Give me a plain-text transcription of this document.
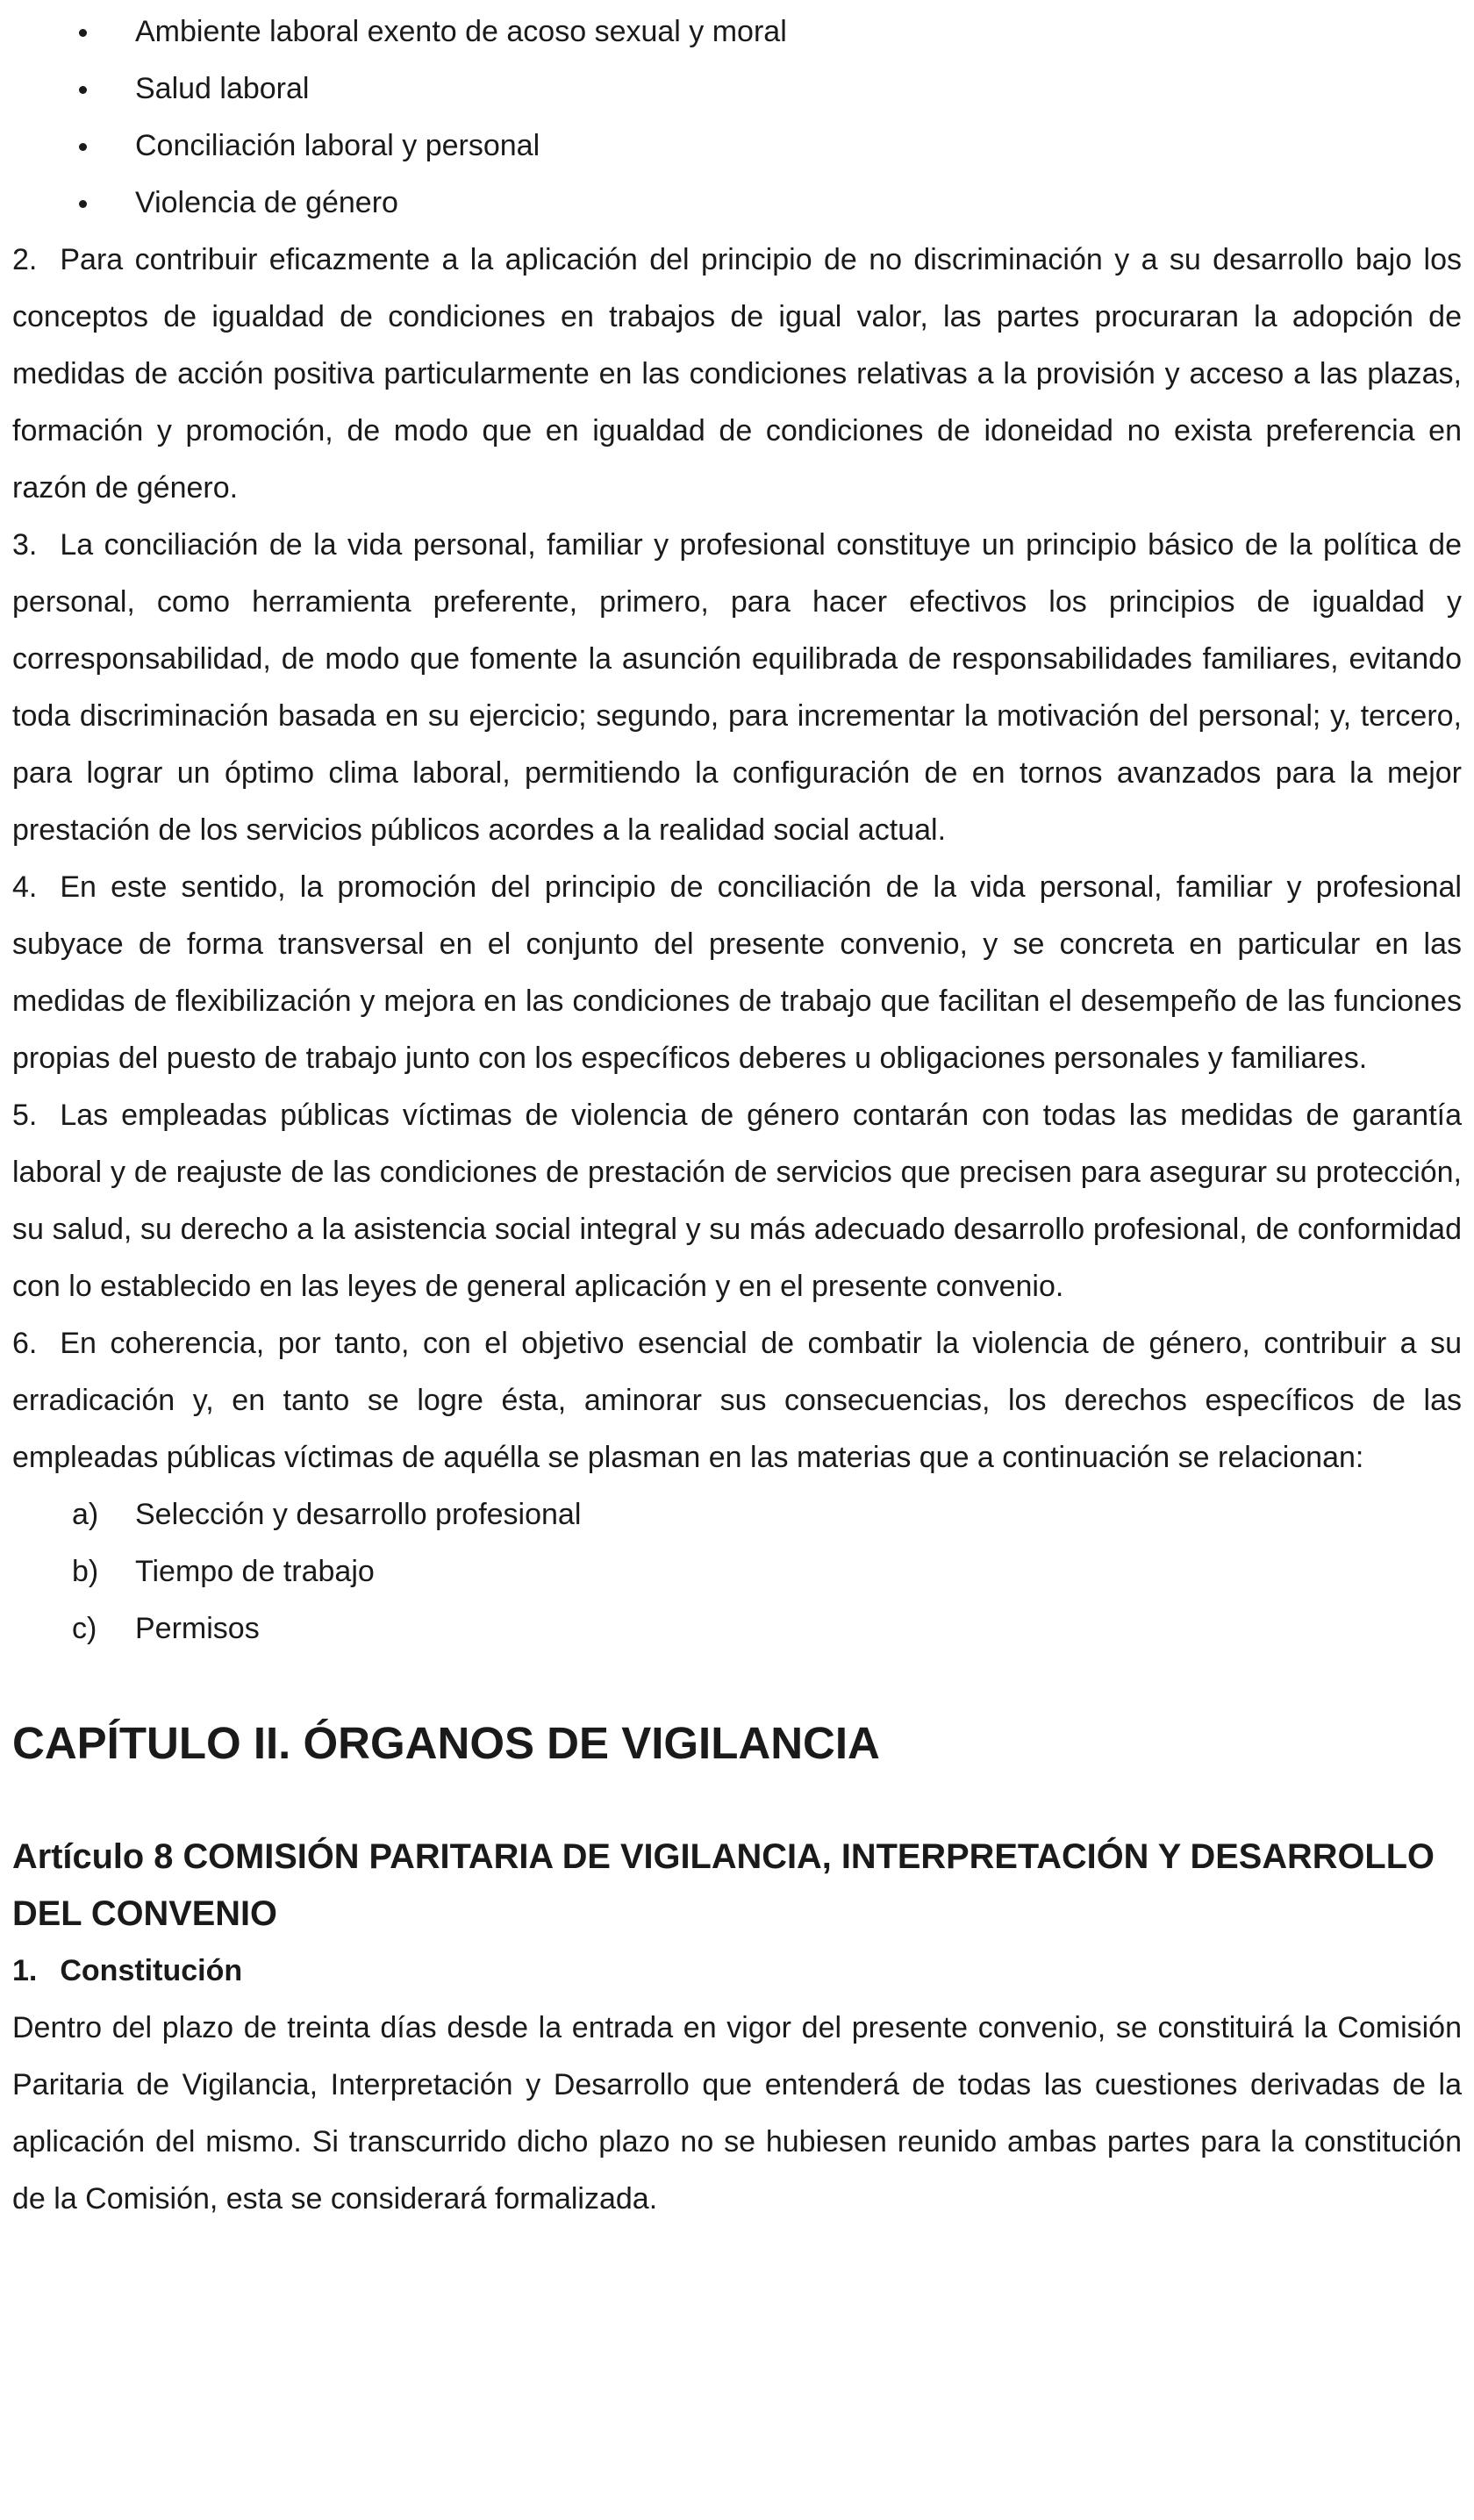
Ambiente laboral exento de acoso sexual y moral
Salud laboral
Conciliación laboral y personal
Violencia de género

2. Para contribuir eficazmente a la aplicación del principio de no discriminación y a su desarrollo bajo los conceptos de igualdad de condiciones en trabajos de igual valor, las partes procuraran la adopción de medidas de acción positiva particularmente en las condiciones relativas a la provisión y acceso a las plazas, formación y promoción, de modo que en igualdad de condiciones de idoneidad no exista preferencia en razón de género.

3. La conciliación de la vida personal, familiar y profesional constituye un principio básico de la política de personal, como herramienta preferente, primero, para hacer efectivos los principios de igualdad y corresponsabilidad, de modo que fomente la asunción equilibrada de responsabilidades familiares, evitando toda discriminación basada en su ejercicio; segundo, para incrementar la motivación del personal; y, tercero, para lograr un óptimo clima laboral, permitiendo la configuración de en tornos avanzados para la mejor prestación de los servicios públicos acordes a la realidad social actual.

4. En este sentido, la promoción del principio de conciliación de la vida personal, familiar y profesional subyace de forma transversal en el conjunto del presente convenio, y se concreta en particular en las medidas de flexibilización y mejora en las condiciones de trabajo que facilitan el desempeño de las funciones propias del puesto de trabajo junto con los específicos deberes u obligaciones personales y familiares.

5. Las empleadas públicas víctimas de violencia de género contarán con todas las medidas de garantía laboral y de reajuste de las condiciones de prestación de servicios que precisen para asegurar su protección, su salud, su derecho a la asistencia social integral y su más adecuado desarrollo profesional, de conformidad con lo establecido en las leyes de general aplicación y en el presente convenio.

6. En coherencia, por tanto, con el objetivo esencial de combatir la violencia de género, contribuir a su erradicación y, en tanto se logre ésta, aminorar sus consecuencias, los derechos específicos de las empleadas públicas víctimas de aquélla se plasman en las materias que a continuación se relacionan:

a) Selección y desarrollo profesional
b) Tiempo de trabajo
c) Permisos
CAPÍTULO II. ÓRGANOS DE VIGILANCIA
Artículo 8 COMISIÓN PARITARIA DE VIGILANCIA, INTERPRETACIÓN Y DESARROLLO DEL CONVENIO

1. Constitución

Dentro del plazo de treinta días desde la entrada en vigor del presente convenio, se constituirá la Comisión Paritaria de Vigilancia, Interpretación y Desarrollo que entenderá de todas las cuestiones derivadas de la aplicación del mismo. Si transcurrido dicho plazo no se hubiesen reunido ambas partes para la constitución de la Comisión, esta se considerará formalizada.
